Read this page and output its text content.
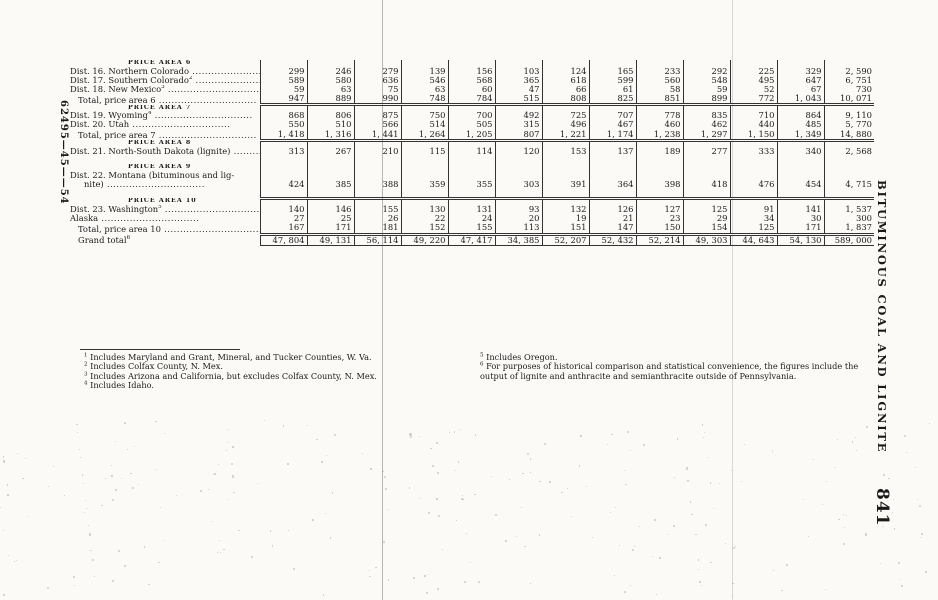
62495—45——54
PRICE AREA 6													
Dist. 16. Northern Colorado .....	299	246	279	139	156	103	124	165	233	292	225	329	2, 590
Dist. 17. Southern Colorado$^2$ .....	589	580	636	546	568	365	618	599	560	548	495	647	6, 751
Dist. 18. New Mexico$^3$ .....	59	63	75	63	60	47	66	61	58	59	52	67	730
Total, price area 6 .....	947	889	990	748	784	515	808	825	851	899	772	1, 043	10, 071
PRICE AREA 7													
Dist. 19. Wyoming$^4$ .....	868	806	875	750	700	492	725	707	778	835	710	864	9, 110
Dist. 20. Utah .....	550	510	566	514	505	315	496	467	460	462	440	485	5, 770
Total, price area 7 .....	1, 418	1, 316	1, 441	1, 264	1, 205	807	1, 221	1, 174	1, 238	1, 297	1, 150	1, 349	14, 880
PRICE AREA 8													
Dist. 21. North-South Dakota (lignite) .....	313	267	210	115	114	120	153	137	189	277	333	340	2, 568

PRICE AREA 9													
Dist. 22. Montana (bituminous and lig-
nite) .....	424	385	388	359	355	303	391	364	398	418	476	454	4, 715

PRICE AREA 10													
Dist. 23. Washington$^5$ .....	140	146	155	130	131	93	132	126	127	125	91	141	1, 537
Alaska .....	27	25	26	22	24	20	19	21	23	29	34	30	300
Total, price area 10 .....	167	171	181	152	155	113	151	147	150	154	125	171	1, 837
Grand total$^6$	47, 804	49, 131	56, 114	49, 220	47, 417	34, 385	52, 207	52, 432	52, 214	49, 303	44, 643	54, 130	589, 000

$^1$ Includes Maryland and Grant, Mineral, and Tucker Counties, W. Va.

$^2$ Includes Colfax County, N. Mex.

$^3$ Includes Arizona and California, but excludes Colfax County, N. Mex.

$^4$ Includes Idaho.

$^5$ Includes Oregon.

$^6$ For purposes of historical comparison and statistical convenience, the figures include the output of lignite and anthracite and semianthracite outside of Pennsylvania.	BITUMINOUS COAL AND LIGNITE
841
